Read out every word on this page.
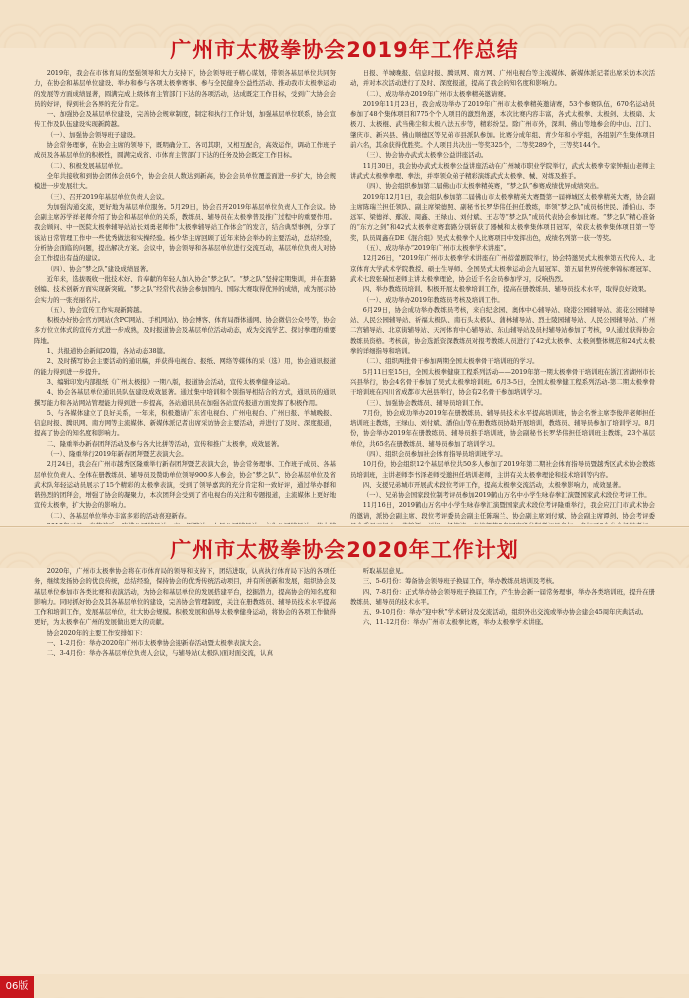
广州市太极拳协会2019年工作总结

2019年，我会在市体育局的坚强领导和大力支持下，协会领导班子精心谋划，带领各基层单位共同努力，在协会和基层单位建设、举办和参与各项太极拳赛事、参与全民健身公益性活动、推动我市太极拳运动的发展等方面成绩显著，圆满完成上级体育主管部门下达的各项活动，达成既定工作目标，受到广大协会会员的好评，得到社会各界的充分肯定。

一、加强协会及基层单位建设，完善协会规章制度，制定和执行工作计划，加强基层单位联系，协会宣传工作及队伍建设实现新跨越。

（一）、加强协会领导班子建设。

协会常务理事，在协会主席的领导下，既明确分工、各司其职，又相互配合，高效运作，调动工作班子成员及各基层单位的积极性，圆满完成省、市体育主管部门下达的任务及协会既定工作目标。

（二）、积极发展基层单位。

全年共接收和到协会团体会员6个，协会会员人数达到新高，协会会员单位覆盖面进一步扩大，协会规模进一步发展壮大。

（三）、召开2019年基层单位负责人会议。

为加强沟通交流，更好地为基层单位服务。5月29日，协会召开2019年基层单位负责人工作会议。协会副主席苏学祥老师介绍了协会和基层单位的关系，教练员、辅导员在太极拳普及推广过程中的重要作用。我会顾问、中一医院太极拳辅导站站长刘勇老师作“太极拳辅导站工作体会”的发言，结合典型事例，分享了该站日常管理工作中一些优秀做法和实操经验。杨少华主席回顾了近年来协会举办的主要活动，总结经验，分析协会面临的问题，提出解决方案。会议中，协会领导和各基层单位进行交流互动，基层单位负责人对协会工作提出有益的建议。

（四）、协会“梦之队”建设成绩显著。

近年来，选拔吸收一批技术好、肯奉献的年轻人加入协会“梦之队”。“梦之队”坚持定期集训，并在套路创编、技术创新方面实现新突破。“梦之队”经常代表协会参加国内、国际大赛取得优异的成绩，成为展示协会实力的一张亮丽名片。

（五）、协会宣传工作实现新跨越。

积极办好协会官方网站(含PC网站、手机网站)、协会博客、体育局群体通网、协会微信公众号等，协会多方位立体式的宣传方式进一步成熟，及时报道协会及基层单位活动动态，成为交流学艺、探讨拳理的重要阵地。

1、共报道协会新闻20篇，各站动态38篇。

2、及时撰写协会主要活动的通讯稿，并获得电视台、报纸、网络等媒体的采（选）用，协会通讯报道的能力得到进一步提升。

3、编辑印发内部报纸《广州太极报》一期八版，报道协会活动，宣传太极拳健身运动。

4、协会各基层单位通讯员队伍建设成效显著。通过集中培训和个别指导相结合的方式，通讯员的通讯撰写能力和各站网站管理能力得到进一步提高，各站通讯员在加强各站宣传报道方面发挥了积极作用。

5、与各媒体建立了良好关系，一年来，积极邀请广东省电视台、广州电视台、广州日报、羊城晚报、信息时报、腾讯网、南方网等主流媒体、新媒体派记者出席采访协会主要活动，并进行了及时、深度报道，提高了协会的知名度和影响力。

二、隆重举办新春团拜活动及参与各大比拼等活动，宣传和推广太极拳，成效显著。

（一）、隆重举行2019年新春团拜暨艺表演大会。

2月24日，我会在广州市越秀区隆重举行新春团拜暨艺表演大会，协会常务理事、工作班子成员、各基层单位负责人、全体在册教练员、辅导员及赞助单位领导900多人参会，协会“梦之队”、协会基层单位及省武术队年轻运动员展示了15个精彩的太极拳表演，受到了领导嘉宾的充分肯定和一致好评，通过举办群和谐热烈的团拜会，增强了协会的凝聚力，本次团拜会受到了省电视台的关注和专题报道，主流媒体上更好地宣传太极拳，扩大协会的影响力。

（二）、各基层单位举办丰富多彩的活动喜迎新春。

日报、羊城晚报、信息时报、腾讯网、南方网、广州电视台等主流媒体、新媒体派记者出席采访本次活动，并对本次活动进行了及时、深度报道，提高了我会的知名度和影响力。

（二）、成功举办2019年广州市太极拳精英邀请赛。

2019年11月23日，我会成功举办了2019年广州市太极拳精英邀请赛，53个参赛队伍，670名运动员参加了48个集体项目和775个个人项目的激烈角逐，本次比赛内容丰富，各式太极拳、太极剑、太极扇、太极刀、太极棍、武当佛尘和太极八法五步等，精彩纷呈。除广州市外，深圳、佛山等地参会的中山、江门、肇庆市、新兴县、佛山顺德区等兄弟市县派队参加。比赛分成年组、青少年和小学组，各组别产生集体项目前六名，其余获得优胜奖。个人项目共决出一等奖325个，二等奖289个，三等奖144个。

（三）、协会协办武式太极拳公益讲座活动。

11月30日，我会协办武式太极拳公益讲座活动在广州城市职业学院举行，武式太极拳专家钟振山老师主讲武式太极拳拳理、拳法，并率领众弟子精彩演练武式太极拳、械、对练及推手。

（四）、协会组织参加第二届佛山市太极拳精英赛，“梦之队”参赛成绩优异成绩突出。

2019年12月1日，我会组队参加第二届佛山市太极拳精英大赛暨第一届禅城区太极拳精英大赛，协会副主席陈瑞兰担任领队、副主席梁德照、副秘书长罗华伟任担任教练，率领“梦之队”成员杨世民、潘伯山、李远军、梁德祥、鄢波、周鑫、王绿山、刘付斌、王志等“梦之队”成员代表协会参加比赛。“梦之队”精心准备的“东方之剑”和42式太极拳竞赛套路分别斩获了器械和太极拳集体项目冠军，荣获太极拳集体项目第一等奖，队员周鑫在DE《混合组》吴式太极拳个人比赛项目中发挥出色，成绩名列第一获一等奖。

（五）、成功举办“2019年广州市太极拳学术讲座”。

12月26日，“2019年广州市太极拳学术讲座在广州蓓蕾剧院举行，协会特邀吴式太极拳第五代传人、北京体育大学武术学院教授、硕士生导师、全国吴式太极拳运动会九届冠军、第五届世界传统拳锦标赛冠军、武术七段张瑞恒老师主讲太极拳理论，协会近千名会员参加学习，反响热烈。

四、举办教练员培训、积极开展太极拳培训工作，提高在册教练员、辅导员技术水平，取得良好效果。

（一）、成功举办2019年教练员考核及培训工作。

6月29日，协会成功举办教练员考核，来自纪念园、奥体中心辅导站、晓港公园辅导站、流花公园辅导站、人民公园辅导站、祈福太极队、南石头太极队、蒲林辅导站、烈士陵园辅导站、人民公园辅导站、广州二宫辅导站、北京街辅导站、天河体育中心辅导站、东山辅导站及员村辅导站参加了考核，9人通过获得协会教练员资格。考核前，协会选派资深教练员对报考教练人员进行了42式太极拳、太极剑整体规范和24式太极拳的详细指导和培训。

（二）、组织两批骨干参加两期全国太极拳骨干培训班的学习。

5月11日至15日，全国太极拳健康工程系列活动——2019年第一期太极拳骨干培训班在浙江省湖州市长兴县举行，协会4名骨干参加了吴式太极拳培训班。6月3-5日，全国太极拳健工程系列活动-第二期太极拳骨干培训班在四川省成都市大邑县举行，协会有2名骨干参加培训学习。

（三）、加强协会教练员、辅导员培训工作。

7月份，协会成功举办2019年在册教练员、辅导员技术水平提高培训班，协会名誉主席李俊萍老师担任培训班主教练，王绿山、刘付斌、潘伯山等在册教练员协助开展培训，教练员、辅导员参加了培训学习。8月份，协会举办2019年在册教练员、辅导员推手培训班，协会副秘书长罗华伟担任培训班主教练，23个基层单位，共65名在册教练员、辅导员参加了培训学习。

（四）、组织会员参加社会体育指导员培训班学习。

10月份，协会组织12个基层单位共50多人参加了2019年第二期社会体育指导员暨越秀区武术协会教练员培训班，主讲老师李书泽老师受邀担任培训老师，主讲有关太极拳理论和技术培训等内容。

四、支援兄弟城市开展武术段位考评工作，提高太极拳交流活动，太极拳影响力，成效显著。

（一）、兄弟协会国家段位制考评员参加2019鹤山万名中小学生咏春拳汇演暨国家武术段位考评工作。

11月16日，2019鹤山万名中小学生咏春拳汇演暨国家武术段位考评隆重举行，我会应江门市武术协会的邀请，派协会副主席、段位考评委员会副主任陈瑞兰、协会副主席刘付斌、协会副主席谭剑、协会考评委

广州市太极拳协会2020年工作计划

2020年，广州市太极拳协会将在市体育局的领导和支持下，团结进取，认真执行体育局下达的各项任务，继续发扬协会的优良传统，总结经验，保持协会的优秀传统活动项目，并有所创新和发展，组织协会及基层单位参加市各类比赛和表演活动，为协会和基层单位的发展搭建平台，挖掘潜力，提高协会的知名度和影响力。同时抓好协会及其各基层单位的建设，完善协会管理制度，关注在册教练员、辅导员技术水平提高工作和培训工作，发展基层单位，壮大协会规模。积极发展和倡导太极拳健身运动，将协会的各项工作做得更好，为太极拳在广州的发展做出更大的贡献。

协会2020年的主要工作安排如下：

一、1-2月份：举办2020年广州市太极拳协会迎新春活动暨太极拳表演大会。

二、3-4月份：举办各基层单位负责人会议，与辅导站(太极队)面对面交流，认真

听取基层意见。

三、5-6月份：筹备协会领导班子换届工作，举办教练员培训及考核。

四、7-8月份：正式举办协会领导班子换届工作，产生协会新一届常务理事，举办各类培训班，提升在册教练员、辅导员的技术水平。

五、9-10月份：举办“迎中秋”学术研讨及交流活动，组织外出交流或举办协会建会45周年庆典活动。

六、11-12月份：举办广州市太极拳比赛，举办太极拳学术讲座。

06版
